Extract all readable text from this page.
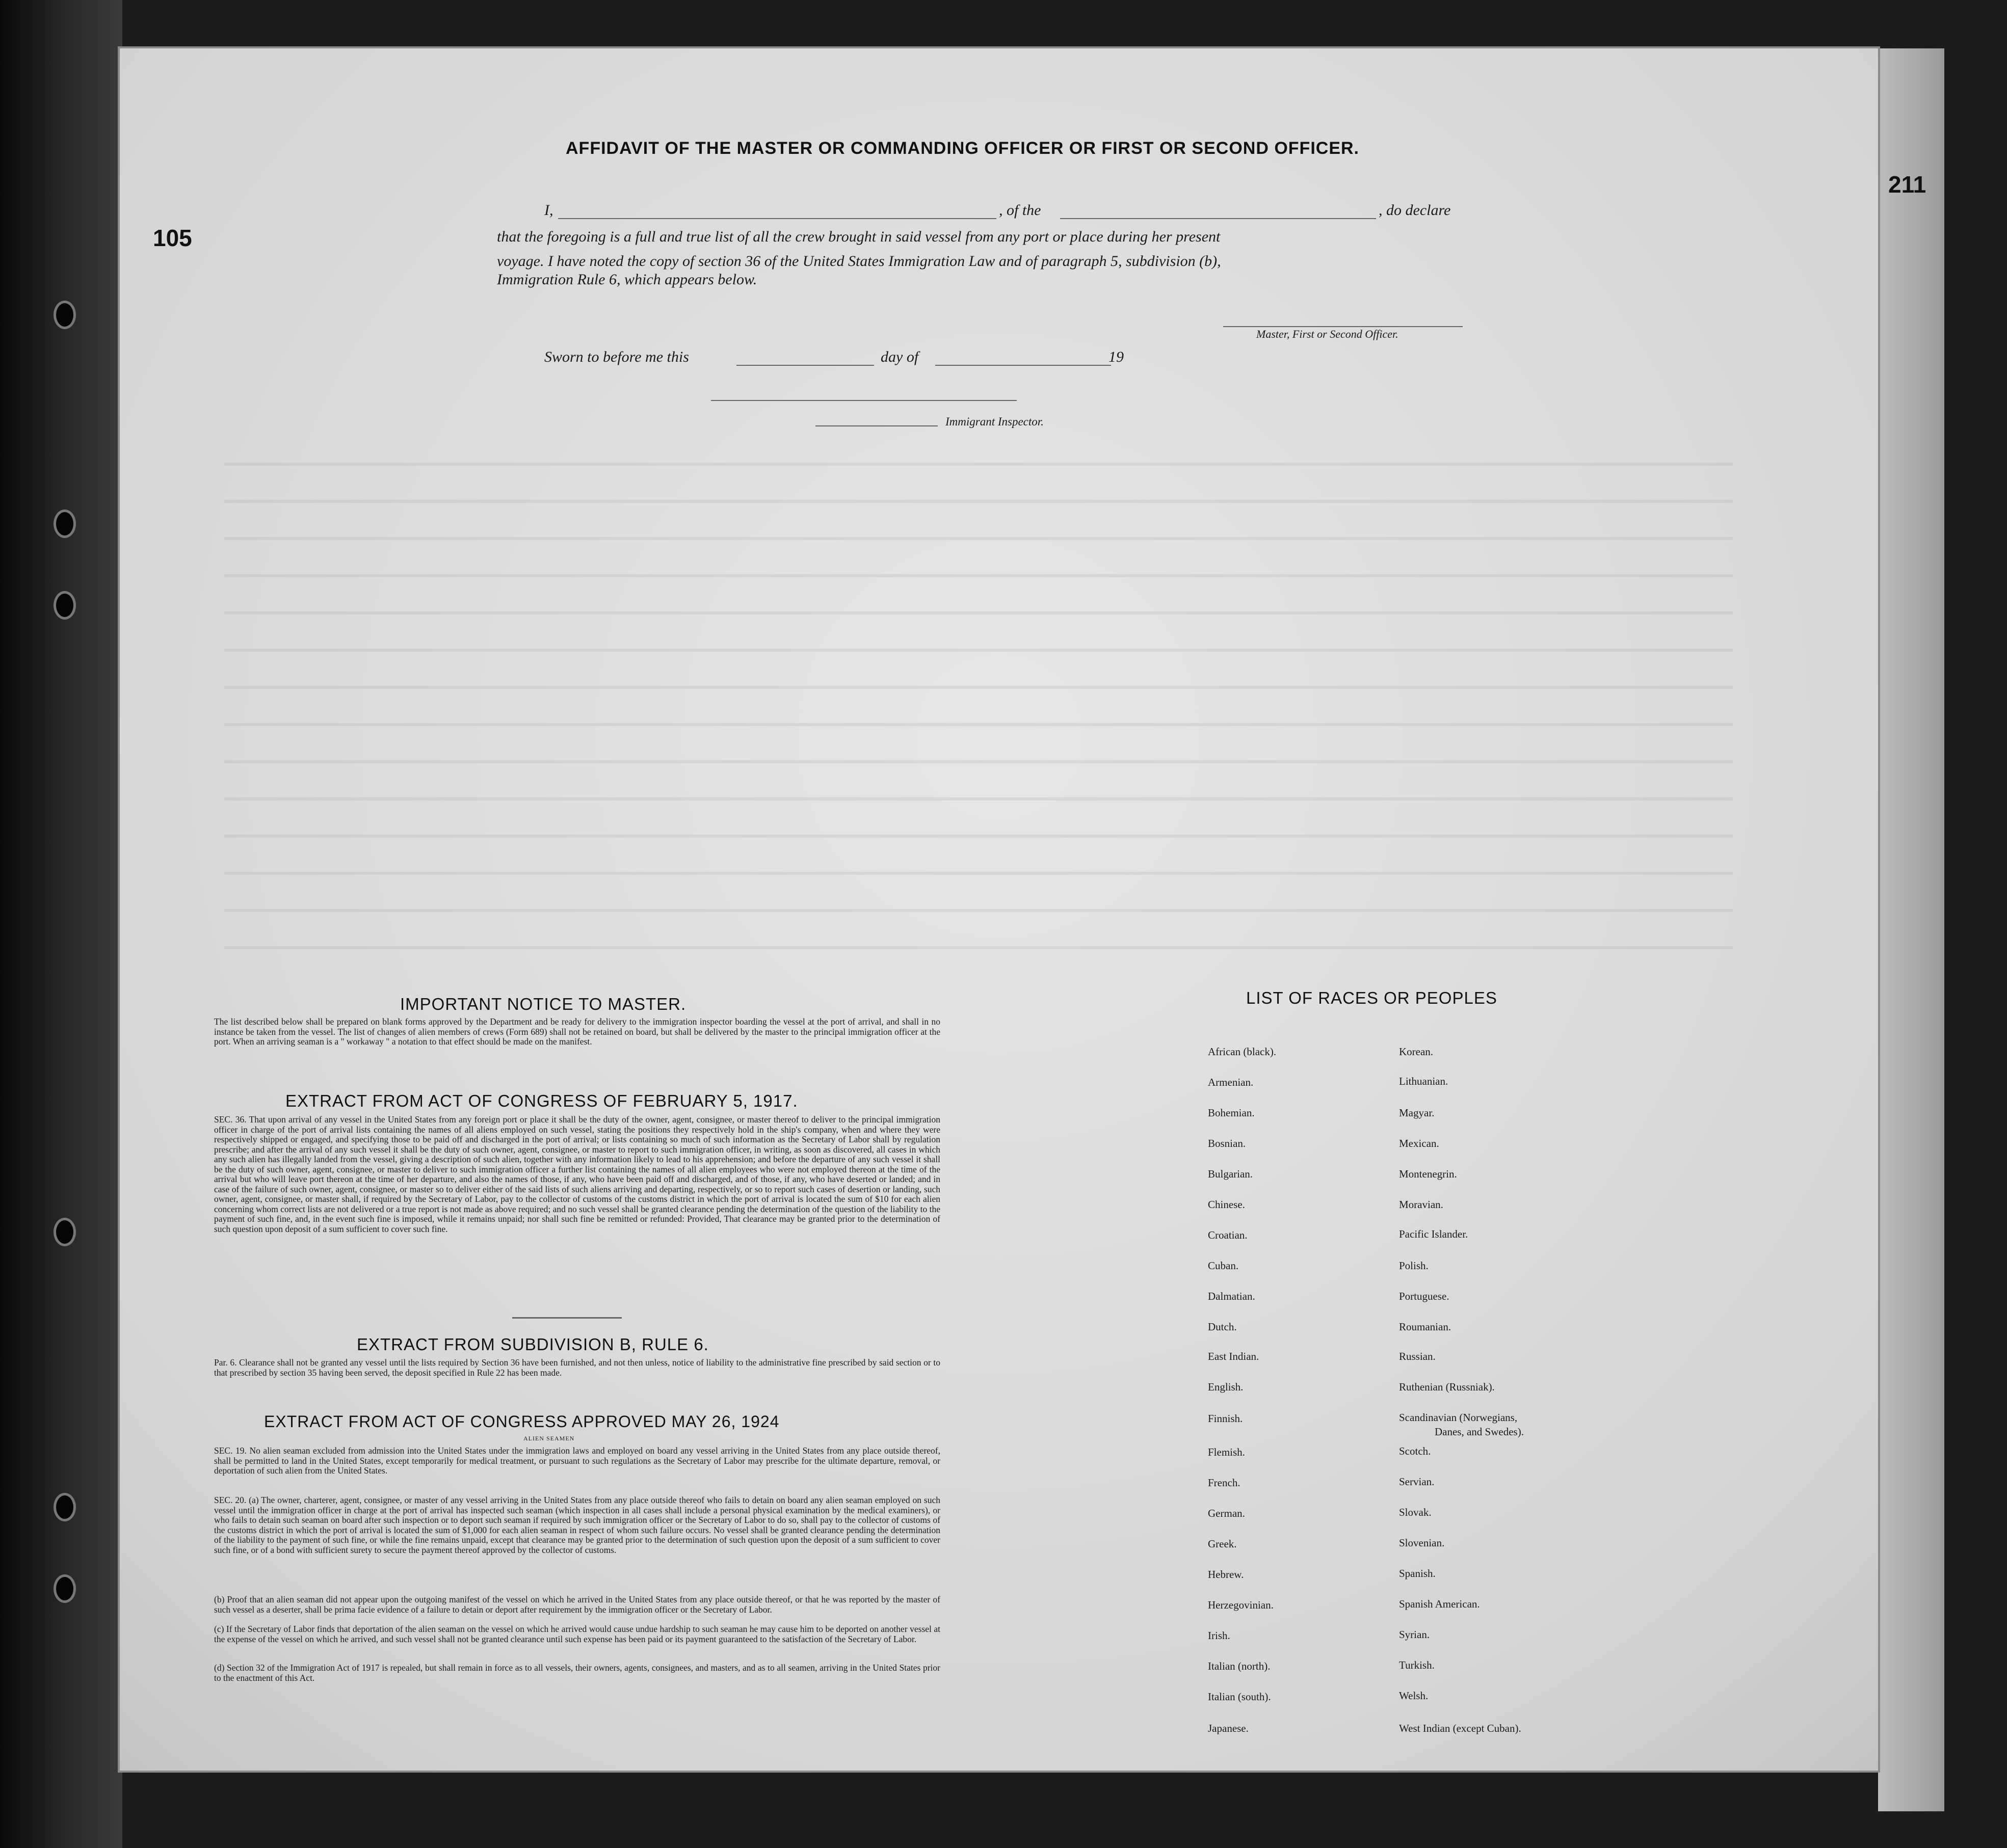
105
211
AFFIDAVIT OF THE MASTER OR COMMANDING OFFICER OR FIRST OR SECOND OFFICER.
I,	, of the	, do declare
that the foregoing is a full and true list of all the crew brought in said vessel from any port or place during her present
voyage. I have noted the copy of section 36 of the United States Immigration Law and of paragraph 5, subdivision (b),
Immigration Rule 6, which appears below.
Master, First or Second Officer.
Sworn to before me this	day of	19
Immigrant Inspector.
IMPORTANT NOTICE TO MASTER.
The list described below shall be prepared on blank forms approved by the Department and be ready for delivery to the immigration inspector boarding the vessel at the port of arrival, and shall in no instance be taken from the vessel. The list of changes of alien members of crews (Form 689) shall not be retained on board, but shall be delivered by the master to the principal immigration officer at the port. When an arriving seaman is a " workaway " a notation to that effect should be made on the manifest.
EXTRACT FROM ACT OF CONGRESS OF FEBRUARY 5, 1917.
SEC. 36. That upon arrival of any vessel in the United States from any foreign port or place it shall be the duty of the owner, agent, consignee, or master thereof to deliver to the principal immigration officer in charge of the port of arrival lists containing the names of all aliens employed on such vessel, stating the positions they respectively hold in the ship's company, when and where they were respectively shipped or engaged, and specifying those to be paid off and discharged in the port of arrival; or lists containing so much of such information as the Secretary of Labor shall by regulation prescribe; and after the arrival of any such vessel it shall be the duty of such owner, agent, consignee, or master to report to such immigration officer, in writing, as soon as discovered, all cases in which any such alien has illegally landed from the vessel, giving a description of such alien, together with any information likely to lead to his apprehension; and before the departure of any such vessel it shall be the duty of such owner, agent, consignee, or master to deliver to such immigration officer a further list containing the names of all alien employees who were not employed thereon at the time of the arrival but who will leave port thereon at the time of her departure, and also the names of those, if any, who have been paid off and discharged, and of those, if any, who have deserted or landed; and in case of the failure of such owner, agent, consignee, or master so to deliver either of the said lists of such aliens arriving and departing, respectively, or so to report such cases of desertion or landing, such owner, agent, consignee, or master shall, if required by the Secretary of Labor, pay to the collector of customs of the customs district in which the port of arrival is located the sum of $10 for each alien concerning whom correct lists are not delivered or a true report is not made as above required; and no such vessel shall be granted clearance pending the determination of the question of the liability to the payment of such fine, and, in the event such fine is imposed, while it remains unpaid; nor shall such fine be remitted or refunded: Provided, That clearance may be granted prior to the determination of such question upon deposit of a sum sufficient to cover such fine.
EXTRACT FROM SUBDIVISION B, RULE 6.
Par. 6. Clearance shall not be granted any vessel until the lists required by Section 36 have been furnished, and not then unless, notice of liability to the administrative fine prescribed by said section or to that prescribed by section 35 having been served, the deposit specified in Rule 22 has been made.
EXTRACT FROM ACT OF CONGRESS APPROVED MAY 26, 1924
ALIEN SEAMEN
SEC. 19. No alien seaman excluded from admission into the United States under the immigration laws and employed on board any vessel arriving in the United States from any place outside thereof, shall be permitted to land in the United States, except temporarily for medical treatment, or pursuant to such regulations as the Secretary of Labor may prescribe for the ultimate departure, removal, or deportation of such alien from the United States.
SEC. 20. (a) The owner, charterer, agent, consignee, or master of any vessel arriving in the United States from any place outside thereof who fails to detain on board any alien seaman employed on such vessel until the immigration officer in charge at the port of arrival has inspected such seaman (which inspection in all cases shall include a personal physical examination by the medical examiners), or who fails to detain such seaman on board after such inspection or to deport such seaman if required by such immigration officer or the Secretary of Labor to do so, shall pay to the collector of customs of the customs district in which the port of arrival is located the sum of $1,000 for each alien seaman in respect of whom such failure occurs. No vessel shall be granted clearance pending the determination of the liability to the payment of such fine, or while the fine remains unpaid, except that clearance may be granted prior to the determination of such question upon the deposit of a sum sufficient to cover such fine, or of a bond with sufficient surety to secure the payment thereof approved by the collector of customs.
(b) Proof that an alien seaman did not appear upon the outgoing manifest of the vessel on which he arrived in the United States from any place outside thereof, or that he was reported by the master of such vessel as a deserter, shall be prima facie evidence of a failure to detain or deport after requirement by the immigration officer or the Secretary of Labor.
(c) If the Secretary of Labor finds that deportation of the alien seaman on the vessel on which he arrived would cause undue hardship to such seaman he may cause him to be deported on another vessel at the expense of the vessel on which he arrived, and such vessel shall not be granted clearance until such expense has been paid or its payment guaranteed to the satisfaction of the Secretary of Labor.
(d) Section 32 of the Immigration Act of 1917 is repealed, but shall remain in force as to all vessels, their owners, agents, consignees, and masters, and as to all seamen, arriving in the United States prior to the enactment of this Act.
LIST OF RACES OR PEOPLES
African (black).
Armenian.
Bohemian.
Bosnian.
Bulgarian.
Chinese.
Croatian.
Cuban.
Dalmatian.
Dutch.
East Indian.
English.
Finnish.
Flemish.
French.
German.
Greek.
Hebrew.
Herzegovinian.
Irish.
Italian (north).
Italian (south).
Japanese.
Korean.
Lithuanian.
Magyar.
Mexican.
Montenegrin.
Moravian.
Pacific Islander.
Polish.
Portuguese.
Roumanian.
Russian.
Ruthenian (Russniak).
Scandinavian (Norwegians,
Danes, and Swedes).
Scotch.
Servian.
Slovak.
Slovenian.
Spanish.
Spanish American.
Syrian.
Turkish.
Welsh.
West Indian (except Cuban).
